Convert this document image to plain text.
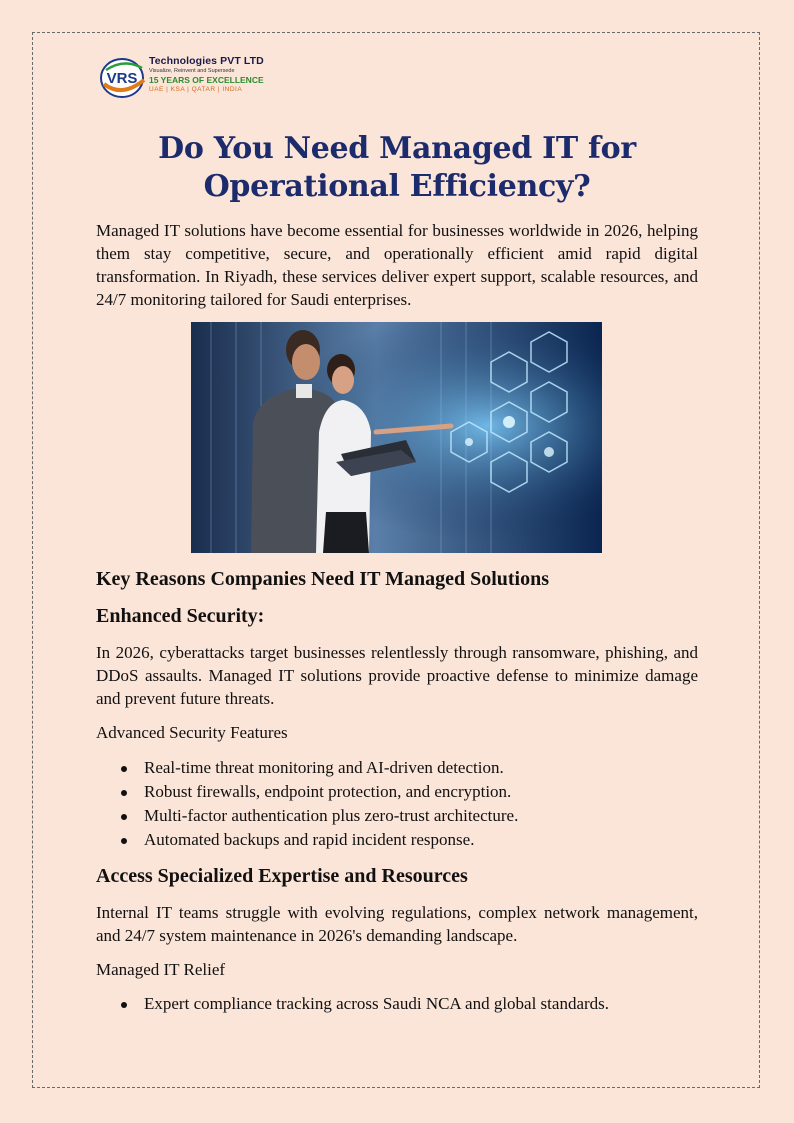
VRS
Technologies PVT LTD
Visualize, Reinvent and Supersede
15 YEARS OF EXCELLENCE
UAE | KSA | QATAR | INDIA
Do You Need Managed IT for Operational Efficiency?

Managed IT solutions have become essential for businesses worldwide in 2026, helping them stay competitive, secure, and operationally efficient amid rapid digital transformation. In Riyadh, these services deliver expert support, scalable resources, and 24/7 monitoring tailored for Saudi enterprises.

Key Reasons Companies Need IT Managed Solutions
Enhanced Security:

In 2026, cyberattacks target businesses relentlessly through ransomware, phishing, and DDoS assaults. Managed IT solutions provide proactive defense to minimize damage and prevent future threats.

Advanced Security Features

Real-time threat monitoring and AI-driven detection.
Robust firewalls, endpoint protection, and encryption.
Multi-factor authentication plus zero-trust architecture.
Automated backups and rapid incident response.
Access Specialized Expertise and Resources

Internal IT teams struggle with evolving regulations, complex network management, and 24/7 system maintenance in 2026's demanding landscape.

Managed IT Relief

Expert compliance tracking across Saudi NCA and global standards.
